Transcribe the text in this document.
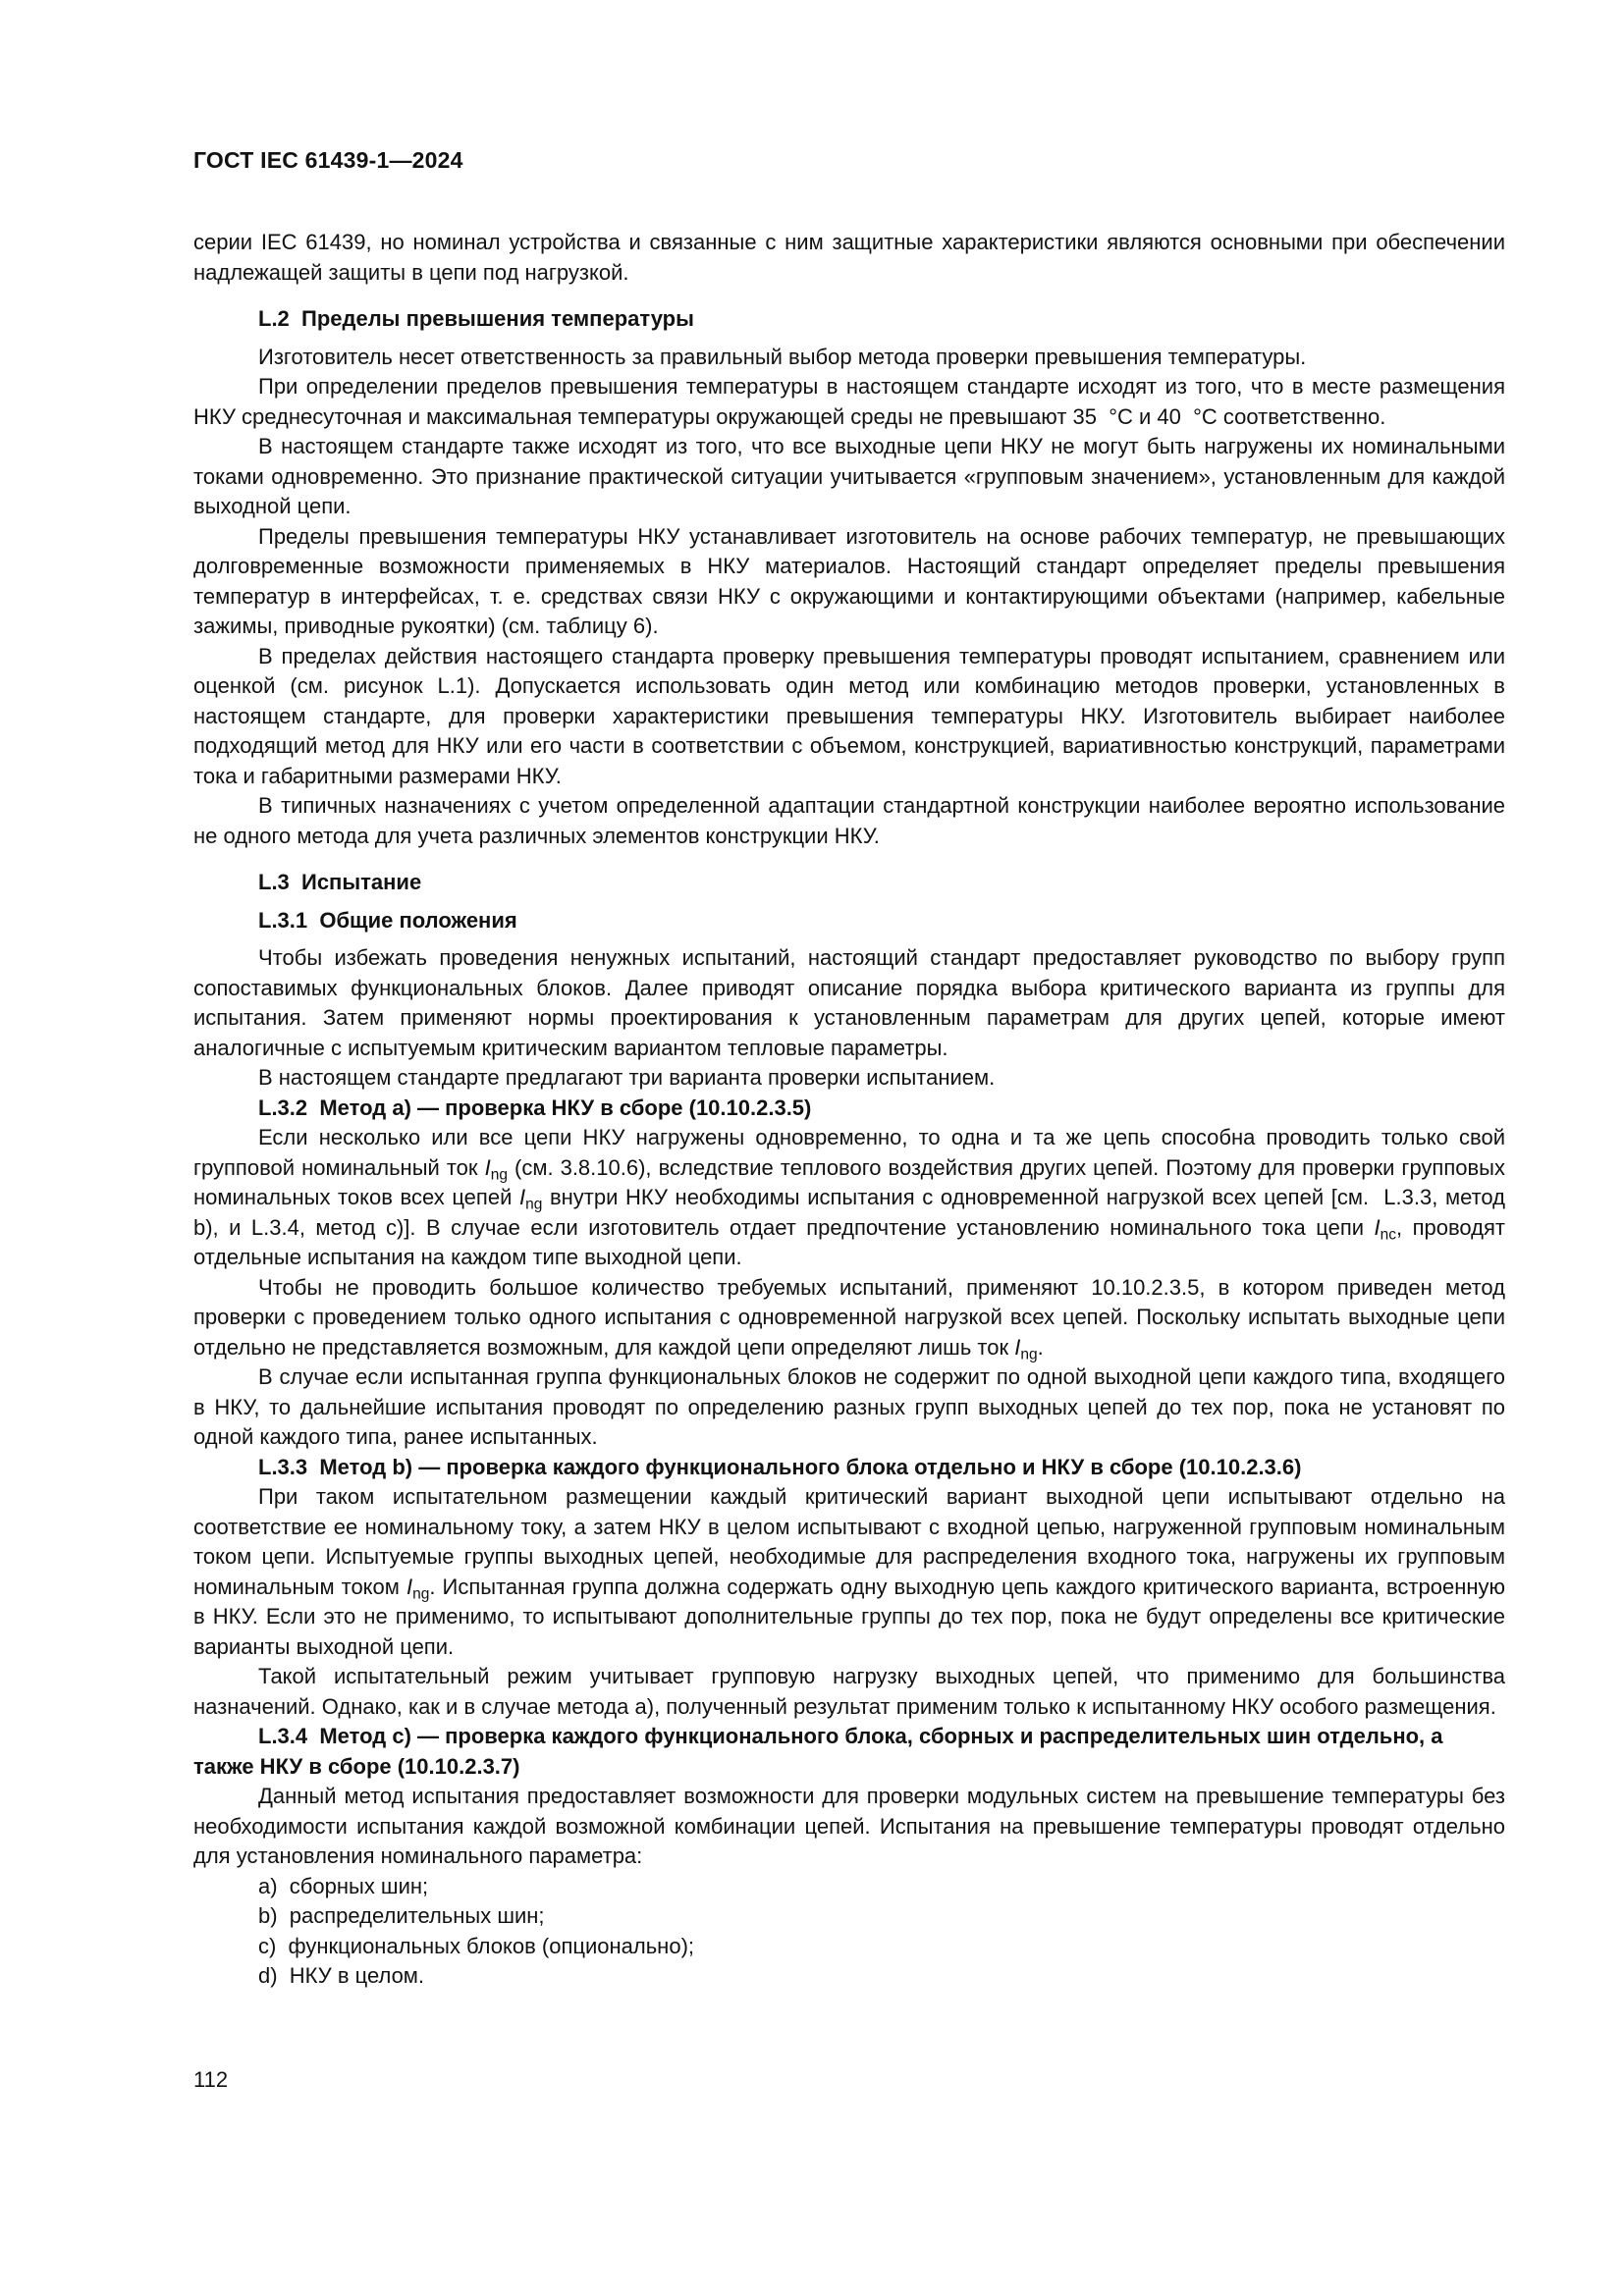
ГОСТ IEC 61439-1—2024

серии IEC 61439, но номинал устройства и связанные с ним защитные характеристики являются основными при обеспечении надлежащей защиты в цепи под нагрузкой.

L.2  Пределы превышения температуры

Изготовитель несет ответственность за правильный выбор метода проверки превышения температуры.

При определении пределов превышения температуры в настоящем стандарте исходят из того, что в месте размещения НКУ среднесуточная и максимальная температуры окружающей среды не превышают 35  °С и 40  °С соответственно.

В настоящем стандарте также исходят из того, что все выходные цепи НКУ не могут быть нагружены их номинальными токами одновременно. Это признание практической ситуации учитывается «групповым значением», установленным для каждой выходной цепи.

Пределы превышения температуры НКУ устанавливает изготовитель на основе рабочих температур, не превышающих долговременные возможности применяемых в НКУ материалов. Настоящий стандарт определяет пределы превышения температур в интерфейсах, т. е. средствах связи НКУ с окружающими и контактирующими объектами (например, кабельные зажимы, приводные рукоятки) (см. таблицу 6).

В пределах действия настоящего стандарта проверку превышения температуры проводят испытанием, сравнением или оценкой (см. рисунок L.1). Допускается использовать один метод или комбинацию методов проверки, установленных в настоящем стандарте, для проверки характеристики превышения температуры НКУ. Изготовитель выбирает наиболее подходящий метод для НКУ или его части в соответствии с объемом, конструкцией, вариативностью конструкций, параметрами тока и габаритными размерами НКУ.

В типичных назначениях с учетом определенной адаптации стандартной конструкции наиболее вероятно использование не одного метода для учета различных элементов конструкции НКУ.

L.3  Испытание

L.3.1  Общие положения

Чтобы избежать проведения ненужных испытаний, настоящий стандарт предоставляет руководство по выбору групп сопоставимых функциональных блоков. Далее приводят описание порядка выбора критического варианта из группы для испытания. Затем применяют нормы проектирования к установленным параметрам для других цепей, которые имеют аналогичные с испытуемым критическим вариантом тепловые параметры.

В настоящем стандарте предлагают три варианта проверки испытанием.

L.3.2  Метод a) — проверка НКУ в сборе (10.10.2.3.5)

Если несколько или все цепи НКУ нагружены одновременно, то одна и та же цепь способна проводить только свой групповой номинальный ток $I_{ng}$ (см. 3.8.10.6), вследствие теплового воздействия других цепей. Поэтому для проверки групповых номинальных токов всех цепей $I_{ng}$ внутри НКУ необходимы испытания с одновременной нагрузкой всех цепей [см.  L.3.3, метод b), и L.3.4, метод c)]. В случае если изготовитель отдает предпочтение установлению номинального тока цепи $I_{nc}$, проводят отдельные испытания на каждом типе выходной цепи.

Чтобы не проводить большое количество требуемых испытаний, применяют 10.10.2.3.5, в котором приведен метод проверки с проведением только одного испытания с одновременной нагрузкой всех цепей. Поскольку испытать выходные цепи отдельно не представляется возможным, для каждой цепи определяют лишь ток $I_{ng}$.

В случае если испытанная группа функциональных блоков не содержит по одной выходной цепи каждого типа, входящего в НКУ, то дальнейшие испытания проводят по определению разных групп выходных цепей до тех пор, пока не установят по одной каждого типа, ранее испытанных.

L.3.3  Метод b) — проверка каждого функционального блока отдельно и НКУ в сборе (10.10.2.3.6)

При таком испытательном размещении каждый критический вариант выходной цепи испытывают отдельно на соответствие ее номинальному току, а затем НКУ в целом испытывают с входной цепью, нагруженной групповым номинальным током цепи. Испытуемые группы выходных цепей, необходимые для распределения входного тока, нагружены их групповым номинальным током $I_{ng}$. Испытанная группа должна содержать одну выходную цепь каждого критического варианта, встроенную в НКУ. Если это не применимо, то испытывают дополнительные группы до тех пор, пока не будут определены все критические варианты выходной цепи.

Такой испытательный режим учитывает групповую нагрузку выходных цепей, что применимо для большинства назначений. Однако, как и в случае метода a), полученный результат применим только к испытанному НКУ особого размещения.

L.3.4  Метод c) — проверка каждого функционального блока, сборных и распределительных шин отдельно, а также НКУ в сборе (10.10.2.3.7)

Данный метод испытания предоставляет возможности для проверки модульных систем на превышение температуры без необходимости испытания каждой возможной комбинации цепей. Испытания на превышение температуры проводят отдельно для установления номинального параметра:

a)  сборных шин;

b)  распределительных шин;

c)  функциональных блоков (опционально);

d)  НКУ в целом.

112
